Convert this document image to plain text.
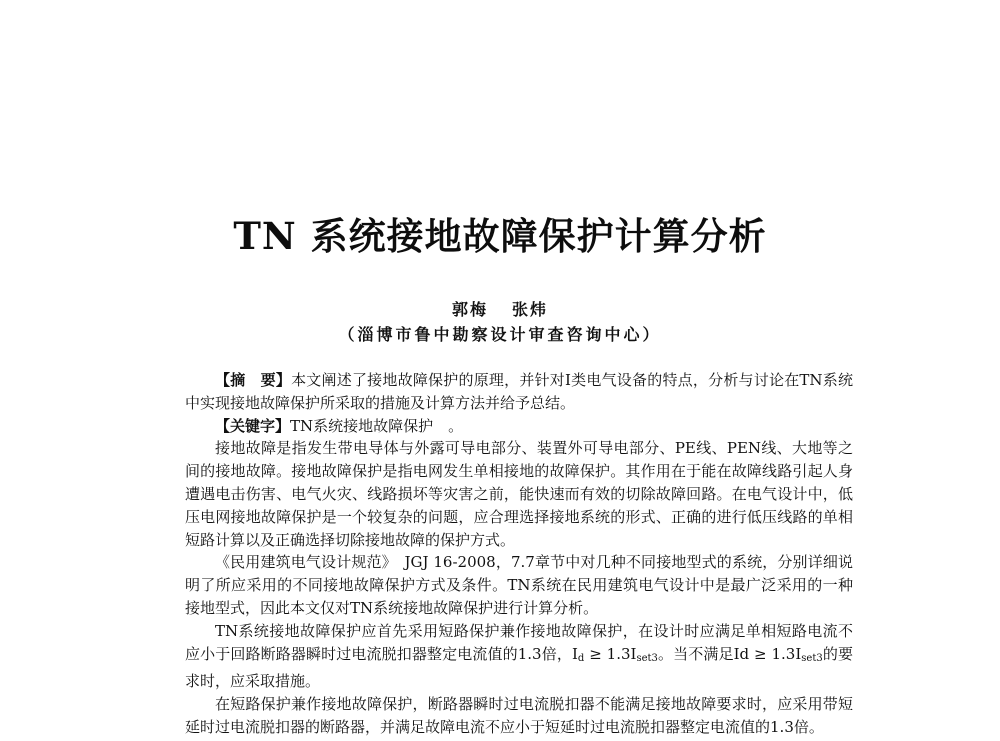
TN 系统接地故障保护计算分析
郭梅 张炜
（淄博市鲁中勘察设计审查咨询中心）

【摘　要】本文阐述了接地故障保护的原理，并针对Ⅰ类电气设备的特点，分析与讨论在TN系统中实现接地故障保护所采取的措施及计算方法并给予总结。

【关键字】TN系统接地故障保护　。

接地故障是指发生带电导体与外露可导电部分、装置外可导电部分、PE线、PEN线、大地等之间的接地故障。接地故障保护是指电网发生单相接地的故障保护。其作用在于能在故障线路引起人身遭遇电击伤害、电气火灾、线路损坏等灾害之前，能快速而有效的切除故障回路。在电气设计中，低压电网接地故障保护是一个较复杂的问题，应合理选择接地系统的形式、正确的进行低压线路的单相短路计算以及正确选择切除接地故障的保护方式。

《民用建筑电气设计规范》　JGJ 16-2008，7.7章节中对几种不同接地型式的系统，分别详细说明了所应采用的不同接地故障保护方式及条件。TN系统在民用建筑电气设计中是最广泛采用的一种接地型式，因此本文仅对TN系统接地故障保护进行计算分析。

TN系统接地故障保护应首先采用短路保护兼作接地故障保护，在设计时应满足单相短路电流不应小于回路断路器瞬时过电流脱扣器整定电流值的1.3倍，$I_d \ge 1.3I_{set3}$。当不满足$Id \ge 1.3I_{set3}$的要求时，应采取措施。

在短路保护兼作接地故障保护，断路器瞬时过电流脱扣器不能满足接地故障要求时，应采用带短延时过电流脱扣器的断路器，并满足故障电流不应小于短延时过电流脱扣器整定电流值的1.3倍。
